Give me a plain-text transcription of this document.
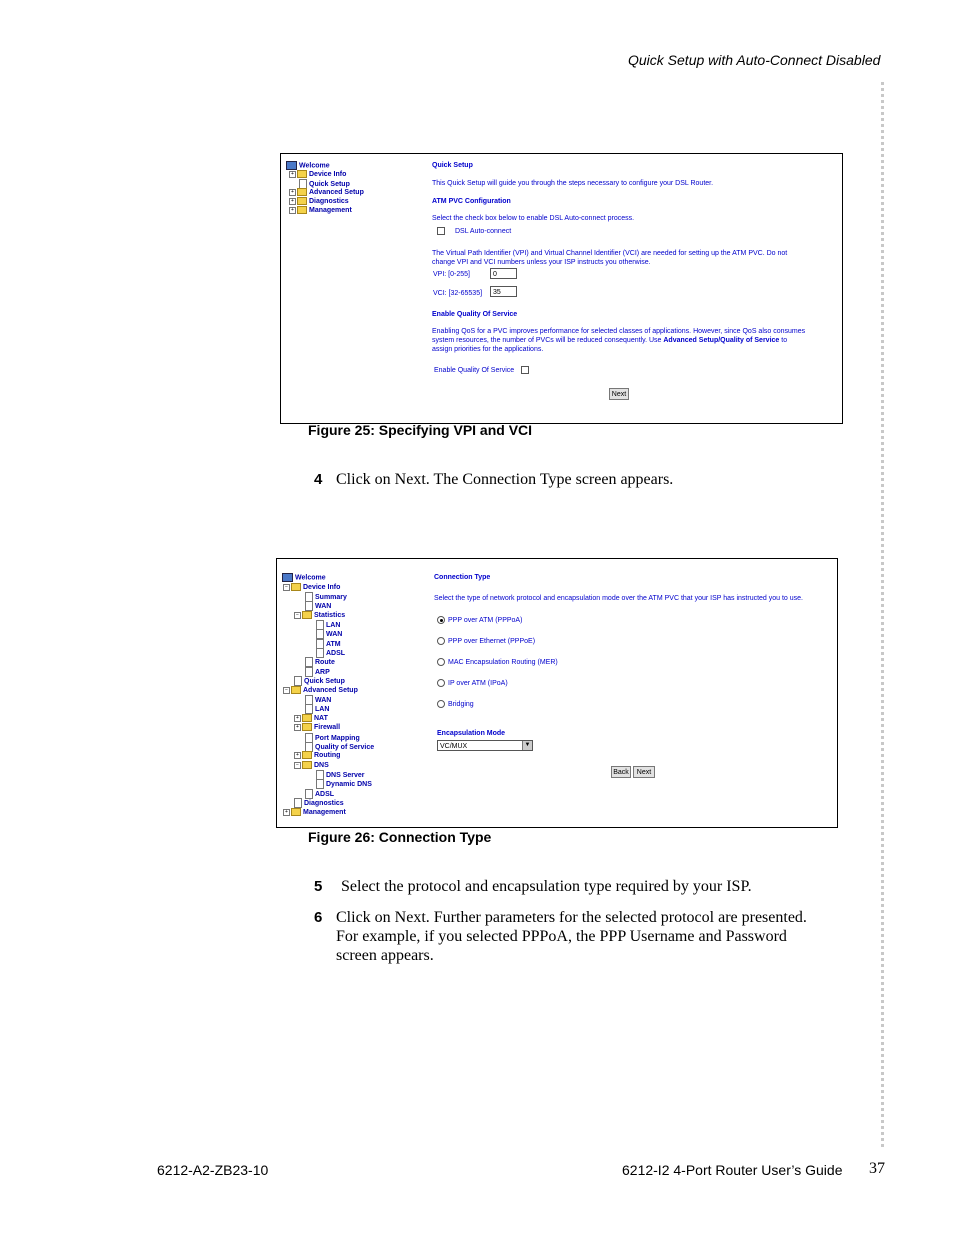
Quick Setup with Auto-Connect Disabled
Welcome
+ Device Info
Quick Setup
+ Advanced Setup
+ Diagnostics
+ Management
Quick Setup
This Quick Setup will guide you through the steps necessary to configure your DSL Router.
ATM PVC Configuration
Select the check box below to enable DSL Auto-connect process.
DSL Auto-connect
The Virtual Path Identifier (VPI) and Virtual Channel Identifier (VCI) are needed for setting up the ATM PVC. Do not
change VPI and VCI numbers unless your ISP instructs you otherwise.
VPI: [0-255]	0
VCI: [32-65535]	35
Enable Quality Of Service
Enabling QoS for a PVC improves performance for selected classes of applications. However, since QoS also consumes
system resources, the number of PVCs will be reduced consequently. Use Advanced Setup/Quality of Service to
assign priorities for the applications.
Enable Quality Of Service
Next
Figure 25: Specifying VPI and VCI
4 Click on Next. The Connection Type screen appears.
Welcome
− Device Info
Summary
WAN
− Statistics
LAN
WAN
ATM
ADSL
Route
ARP
Quick Setup
− Advanced Setup
WAN
LAN
+ NAT
+ Firewall
Port Mapping
Quality of Service
+ Routing
− DNS
DNS Server
Dynamic DNS
ADSL
Diagnostics
+ Management
Connection Type
Select the type of network protocol and encapsulation mode over the ATM PVC that your ISP has instructed you to use.
PPP over ATM (PPPoA)
PPP over Ethernet (PPPoE)
MAC Encapsulation Routing (MER)
IP over ATM (IPoA)
Bridging
Encapsulation Mode
VC/MUX	▼
Back	Next
Figure 26: Connection Type
5 Select the protocol and encapsulation type required by your ISP.
6 Click on Next. Further parameters for the selected protocol are presented.
For example, if you selected PPPoA, the PPP Username and Password
screen appears.
6212-A2-ZB23-10	6212-I2 4-Port Router User’s Guide 37
